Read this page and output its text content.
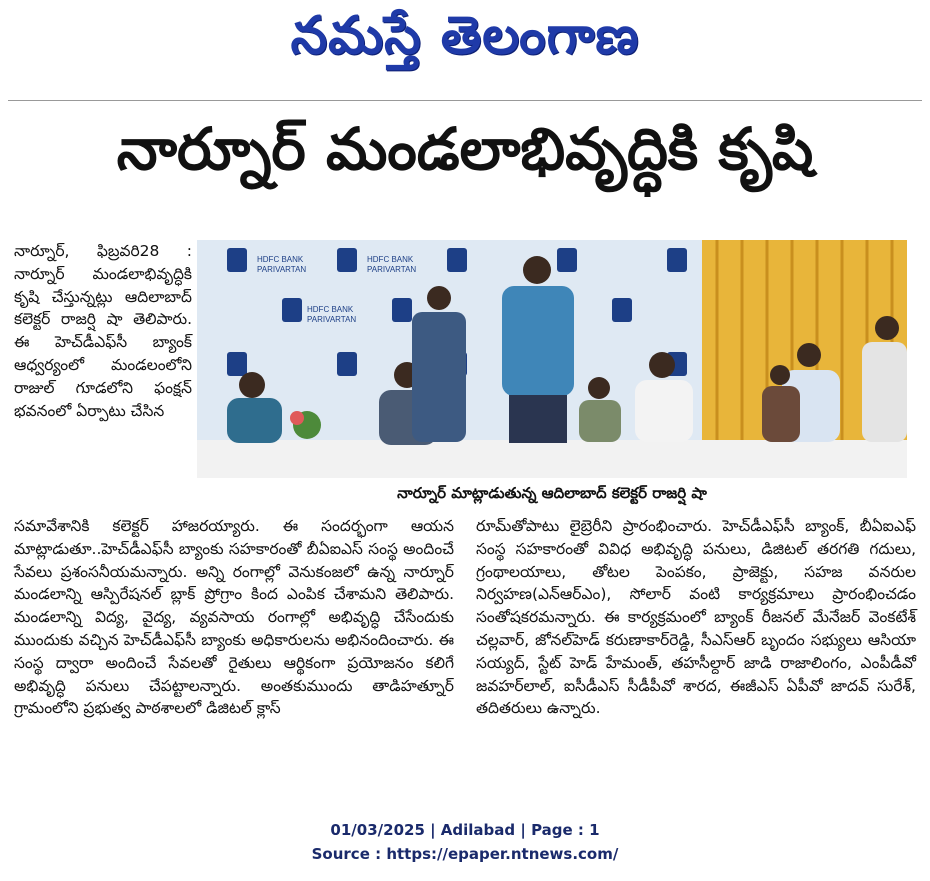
నమస్తే తెలంగాణ
నార్నూర్ మండలాభివృద్ధికి కృషి
నార్నూర్, ఫిబ్రవరి28 : నార్నూర్ మండలాభివృద్ధికి కృషి చేస్తున్నట్లు ఆదిలాబాద్ కలెక్టర్ రాజర్షి షా తెలిపారు. ఈ హెచ్‌డీఎఫ్‌సీ బ్యాంక్ ఆధ్వర్యంలో మండలంలోని రాజుల్ గూడలోని ఫంక్షన్ భవనంలో ఏర్పాటు చేసిన
HDFC BANK
PARIVARTAN
HDFC BANK
PARIVARTAN
HDFC BANK
PARIVARTAN
నార్నూర్ మాట్లాడుతున్న ఆదిలాబాద్ కలెక్టర్ రాజర్షి షా
సమావేశానికి కలెక్టర్ హాజరయ్యారు. ఈ సందర్భంగా ఆయన మాట్లాడుతూ..హెచ్‌డీఎఫ్‌సీ బ్యాంకు సహకారంతో బీఏఐఎస్ సంస్థ అందించే సేవలు ప్రశంసనీయమన్నారు. అన్ని రంగాల్లో వెనుకంజలో ఉన్న నార్నూర్ మండలాన్ని ఆస్పిరేషనల్ బ్లాక్ ప్రోగ్రాం కింద ఎంపిక చేశామని తెలిపారు. మండలాన్ని విద్య, వైద్య, వ్యవసాయ రంగాల్లో అభివృద్ధి చేసేందుకు ముందుకు వచ్చిన హెచ్‌డీఎఫ్‌సీ బ్యాంకు అధికారులను అభినందించారు. ఈ సంస్థ ద్వారా అందించే సేవలతో రైతులు ఆర్థికంగా ప్రయోజనం కలిగే అభివృద్ధి పనులు చేపట్టాలన్నారు. అంతకుముందు తాడిహత్నూర్ గ్రామంలోని ప్రభుత్వ పాఠశాలలో డిజిటల్ క్లాస్
రూమ్‌తోపాటు లైబ్రెరీని ప్రారంభించారు. హెచ్‌డీఎఫ్‌సీ బ్యాంక్, బీఏఐఎఫ్ సంస్థ సహకారంతో వివిధ అభివృద్ధి పనులు, డిజిటల్ తరగతి గదులు, గ్రంథాలయాలు, తోటల పెంపకం, ప్రాజెక్టు, సహజ వనరుల నిర్వహణ(ఎన్‌ఆర్‌ఎం), సోలార్ వంటి కార్యక్రమాలు ప్రారంభించడం సంతోషకరమన్నారు. ఈ కార్యక్రమంలో బ్యాంక్ రీజనల్ మేనేజర్ వెంకటేశ్ చల్లవార్, జోనల్‌హెడ్ కరుణాకార్‌రెడ్డి, సీఎస్‌ఆర్ బృందం సభ్యులు ఆసియా సయ్యద్, స్టేట్ హెడ్ హేమంత్, తహసీల్దార్ జాడి రాజాలింగం, ఎంపీడీవో జవహర్‌లాల్, ఐసీడీఎస్ సీడీపీవో శారద, ఈజీఎస్ ఏపీవో జాదవ్ సురేశ్, తదితరులు ఉన్నారు.
01/03/2025 | Adilabad | Page : 1
Source : https://epaper.ntnews.com/
